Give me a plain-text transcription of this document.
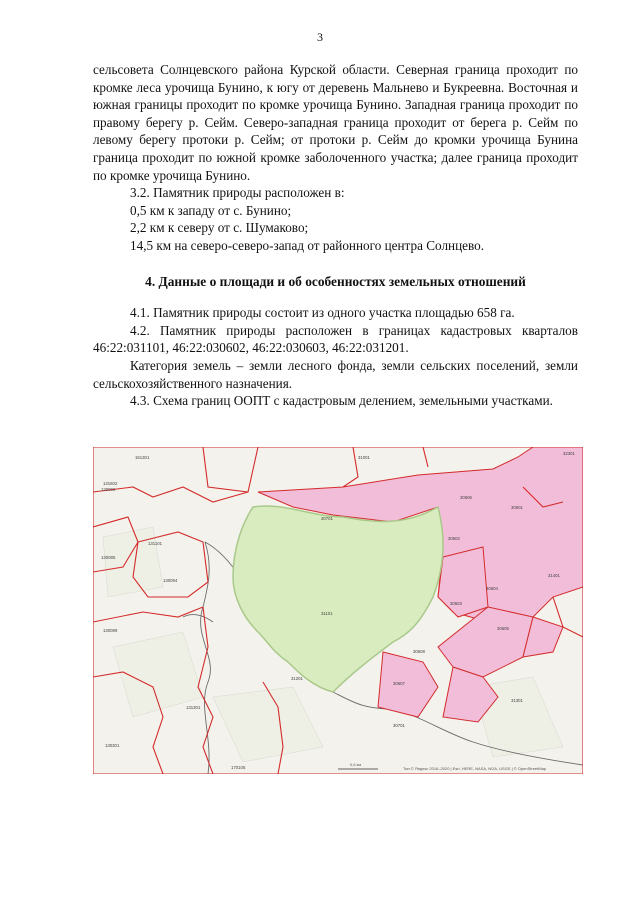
3

сельсовета Солнцевского района Курской области. Северная граница проходит по кромке леса урочища Бунино, к югу от деревень Мальнево и Букреевна. Восточная и южная границы проходит по кромке урочища Бунино. Западная граница проходит по правому берегу р. Сейм. Северо-западная граница проходит от берега р. Сейм по левому берегу протоки р. Сейм; от протоки р. Сейм до кромки урочища Бунина граница проходит по южной кромке заболоченного участка; далее граница проходит по кромке урочища Бунино.

3.2. Памятник природы расположен в:

0,5 км к западу от с. Бунино;

2,2 км к северу от с. Шумаково;

14,5 км на северо-северо-запад от районного центра Солнцево.

4. Данные о площади и об особенностях земельных отношений

4.1. Памятник природы состоит из одного участка площадью 658 га.

4.2. Памятник природы расположен в границах кадастровых кварталов 46:22:031101, 46:22:030602, 46:22:030603, 46:22:031201.

Категория земель – земли лесного фонда, земли сельских поселений, земли сельскохозяйственного назначения.

4.3. Схема границ ООПТ с кадастровым делением, земельными участками.

151301
131602
130092
131101
130085
130094
130089
131301
130301
170105
30701
31101
30602
30603
30604
30605
30606
30607
30608
30601
31001
31401
31201
31301
30701
32301
0,6 км
Тип © Яндекс 2016–2020 | Esri, HERE, NASA, NGA, USGS | © OpenStreetMap
